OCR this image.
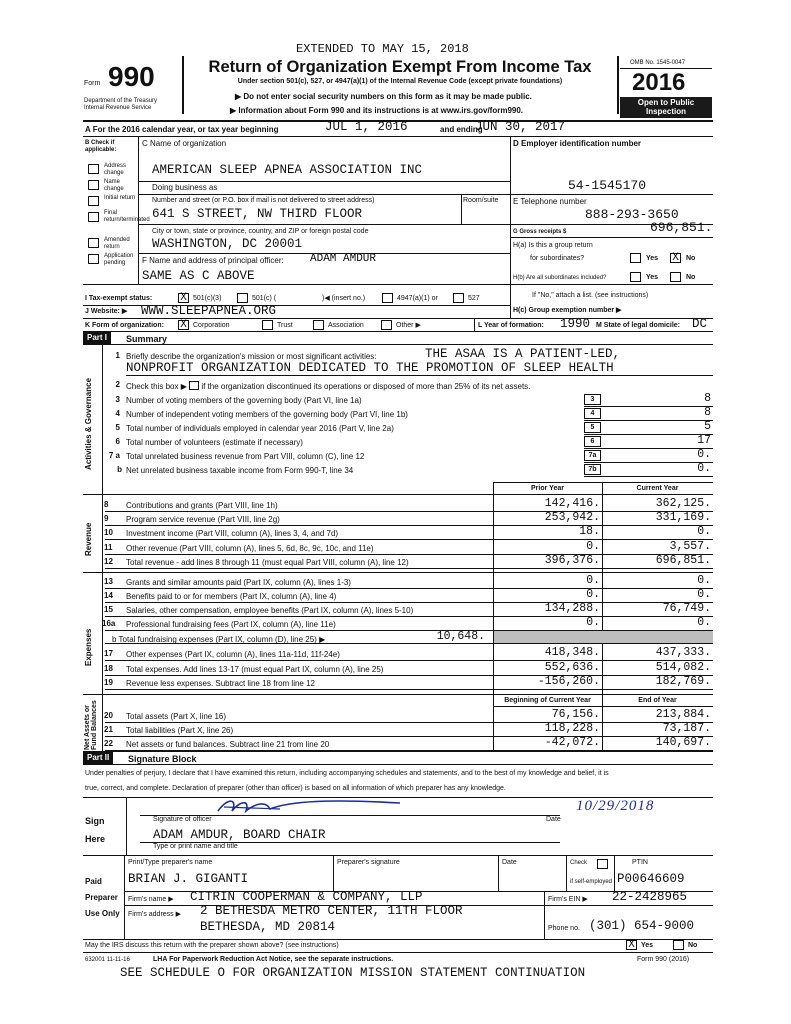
EXTENDED TO MAY 15, 2018
Form 990
Department of the Treasury
Internal Revenue Service
Return of Organization Exempt From Income Tax
Under section 501(c), 527, or 4947(a)(1) of the Internal Revenue Code (except private foundations)
▶ Do not enter social security numbers on this form as it may be made public.
▶ Information about Form 990 and its instructions is at www.irs.gov/form990.
OMB No. 1545-0047
2016
Open to Public
Inspection
A For the 2016 calendar year, or tax year beginning	JUL 1, 2016	and ending
JUN 30, 2017
B Check if applicable:
Address change
Name change
Initial return
Final return/terminated
Amended return
Application pending
C Name of organization
AMERICAN SLEEP APNEA ASSOCIATION INC
Doing business as
Number and street (or P.O. box if mail is not delivered to street address)	Room/suite
641 S STREET, NW THIRD FLOOR
City or town, state or province, country, and ZIP or foreign postal code
WASHINGTON, DC 20001
F Name and address of principal officer: ADAM AMDUR
SAME AS C ABOVE
D Employer identification number
54-1545170
E Telephone number
888-293-3650
G Gross receipts $	696,851.
H(a) Is this a group return
for subordinates?	Yes X	No
H(b) Are all subordinates included?	Yes	No
If "No," attach a list. (see instructions)
H(c) Group exemption number ▶
I Tax-exempt status:	X 501(c)(3)	501(c) (	)◀ (insert no.)	4947(a)(1) or	527
J Website: ▶ WWW.SLEEPAPNEA.ORG
K Form of organization: X Corporation	Trust	Association	Other ▶	L Year of formation: 1990 M State of legal domicile: DC
Part I	Summary
1 Briefly describe the organization's mission or most significant activities:	THE ASAA IS A PATIENT-LED,
NONPROFIT ORGANIZATION DEDICATED TO THE PROMOTION OF SLEEP HEALTH
2 Check this box ▶  if the organization discontinued its operations or disposed of more than 25% of its net assets.
Activities & Governance	3 Number of voting members of the governing body (Part VI, line 1a)	3	8
4 Number of independent voting members of the governing body (Part VI, line 1b)	4	8
5 Total number of individuals employed in calendar year 2016 (Part V, line 2a)	5	5
6 Total number of volunteers (estimate if necessary)	6	17
7 a Total unrelated business revenue from Part VIII, column (C), line 12	7a	0.
b Net unrelated business taxable income from Form 990-T, line 34	7b	0.
Prior Year	Current Year
Revenue
8	Contributions and grants (Part VIII, line 1h)	142,416.	362,125.
9	Program service revenue (Part VIII, line 2g)	253,942.	331,169.
10	Investment income (Part VIII, column (A), lines 3, 4, and 7d)	18.	0.
11	Other revenue (Part VIII, column (A), lines 5, 6d, 8c, 9c, 10c, and 11e)	0.	3,557.
12	Total revenue - add lines 8 through 11 (must equal Part VIII, column (A), line 12)	396,376.	696,851.
Expenses
13	Grants and similar amounts paid (Part IX, column (A), lines 1-3)	0.	0.
14	Benefits paid to or for members (Part IX, column (A), line 4)	0.	0.
15	Salaries, other compensation, employee benefits (Part IX, column (A), lines 5-10)	134,288.	76,749.
16a	Professional fundraising fees (Part IX, column (A), line 11e)	0.	0.
b Total fundraising expenses (Part IX, column (D), line 25) ▶	10,648.
17	Other expenses (Part IX, column (A), lines 11a-11d, 11f-24e)	418,348.	437,333.
18	Total expenses. Add lines 13-17 (must equal Part IX, column (A), line 25)	552,636.	514,082.
19	Revenue less expenses. Subtract line 18 from line 12	-156,260.	182,769.
Beginning of Current Year	End of Year
Net Assets or Fund Balances 20	Total assets (Part X, line 16)	76,156.	213,884.
21	Total liabilities (Part X, line 26)	118,228.	73,187.
22	Net assets or fund balances. Subtract line 21 from line 20	-42,072.	140,697.
Part II	Signature Block
Under penalties of perjury, I declare that I have examined this return, including accompanying schedules and statements, and to the best of my knowledge and belief, it is
true, correct, and complete. Declaration of preparer (other than officer) is based on all information of which preparer has any knowledge.
Sign
Here
Signature of officer
10/29/2018
Date
ADAM AMDUR, BOARD CHAIR
Type or print name and title
Paid
Preparer
Use Only
Print/Type preparer's name	Preparer's signature	Date	Check
if self-employed
PTIN
BRIAN J. GIGANTI	P00646609
Firm's name ▶ CITRIN COOPERMAN & COMPANY, LLP	Firm's EIN ▶ 22-2428965
Firm's address ▶ 2 BETHESDA METRO CENTER, 11TH FLOOR
BETHESDA, MD 20814	Phone no. (301) 654-9000
May the IRS discuss this return with the preparer shown above? (see instructions)	X Yes	No
632001 11-11-16	LHA For Paperwork Reduction Act Notice, see the separate instructions.	Form 990 (2016)
SEE SCHEDULE O FOR ORGANIZATION MISSION STATEMENT CONTINUATION
